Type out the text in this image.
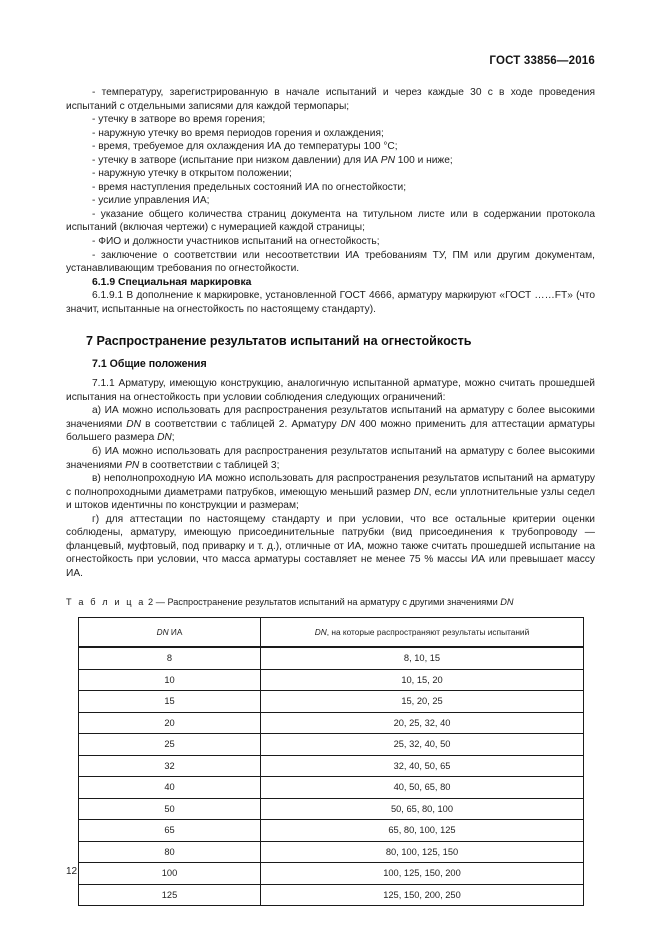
ГОСТ 33856—2016

- температуру, зарегистрированную в начале испытаний и через каждые 30 с в ходе проведения испытаний с отдельными записями для каждой термопары;

- утечку в затворе во время горения;

- наружную утечку во время периодов горения и охлаждения;

- время, требуемое для охлаждения ИА до температуры 100 °C;

- утечку в затворе (испытание при низком давлении) для ИА PN 100 и ниже;

- наружную утечку в открытом положении;

- время наступления предельных состояний ИА по огнестойкости;

- усилие управления ИА;

- указание общего количества страниц документа на титульном листе или в содержании протокола испытаний (включая чертежи) с нумерацией каждой страницы;

- ФИО и должности участников испытаний на огнестойкость;

- заключение о соответствии или несоответствии ИА требованиям ТУ, ПМ или другим документам, устанавливающим требования по огнестойкости.

6.1.9 Специальная маркировка

6.1.9.1 В дополнение к маркировке, установленной ГОСТ 4666, арматуру маркируют «ГОСТ ……FT» (что значит, испытанные на огнестойкость по настоящему стандарту).

7 Распространение результатов испытаний на огнестойкость
7.1 Общие положения

7.1.1 Арматуру, имеющую конструкцию, аналогичную испытанной арматуре, можно считать прошедшей испытания на огнестойкость при условии соблюдения следующих ограничений:

а) ИА можно использовать для распространения результатов испытаний на арматуру с более высокими значениями DN в соответствии с таблицей 2. Арматуру DN 400 можно применить для аттестации арматуры большего размера DN;

б) ИА можно использовать для распространения результатов испытаний на арматуру с более высокими значениями PN в соответствии с таблицей 3;

в) неполнопроходную ИА можно использовать для распространения результатов испытаний на арматуру с полнопроходными диаметрами патрубков, имеющую меньший размер DN, если уплотнительные узлы седел и штоков идентичны по конструкции и размерам;

г) для аттестации по настоящему стандарту и при условии, что все остальные критерии оценки соблюдены, арматуру, имеющую присоединительные патрубки (вид присоединения к трубопроводу — фланцевый, муфтовый, под приварку и т. д.), отличные от ИА, можно также считать прошедшей испытание на огнестойкость при условии, что масса арматуры составляет не менее 75 % массы ИА или превышает массу ИА.

Т а б л и ц а 2 — Распространение результатов испытаний на арматуру с другими значениями DN

DN ИА	DN, на которые распространяют результаты испытаний
8	8, 10, 15
10	10, 15, 20
15	15, 20, 25
20	20, 25, 32, 40
25	25, 32, 40, 50
32	32, 40, 50, 65
40	40, 50, 65, 80
50	50, 65, 80, 100
65	65, 80, 100, 125
80	80, 100, 125, 150
100	100, 125, 150, 200
125	125, 150, 200, 250
12
